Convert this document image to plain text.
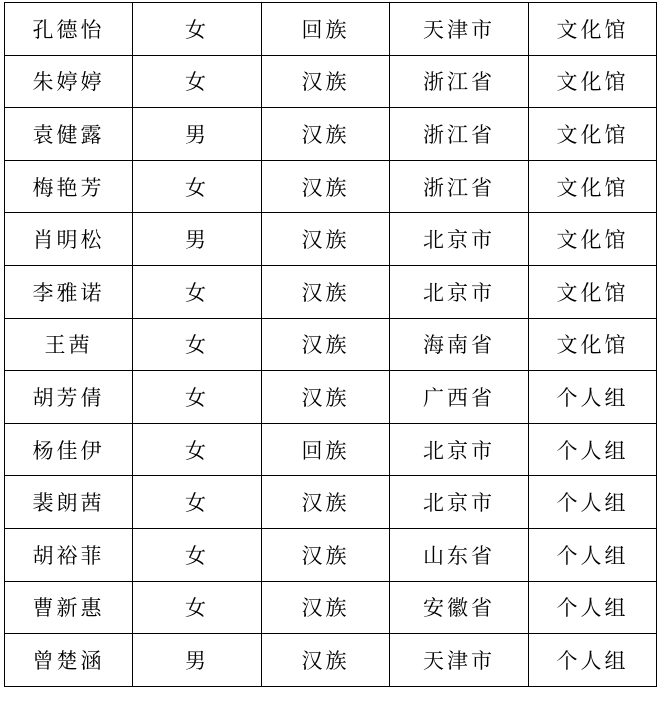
孔德怡	女	回族	天津市	文化馆
朱婷婷	女	汉族	浙江省	文化馆
袁健露	男	汉族	浙江省	文化馆
梅艳芳	女	汉族	浙江省	文化馆
肖明松	男	汉族	北京市	文化馆
李雅诺	女	汉族	北京市	文化馆
王茜	女	汉族	海南省	文化馆
胡芳倩	女	汉族	广西省	个人组
杨佳伊	女	回族	北京市	个人组
裴朗茜	女	汉族	北京市	个人组
胡裕菲	女	汉族	山东省	个人组
曹新惠	女	汉族	安徽省	个人组
曾楚涵	男	汉族	天津市	个人组
